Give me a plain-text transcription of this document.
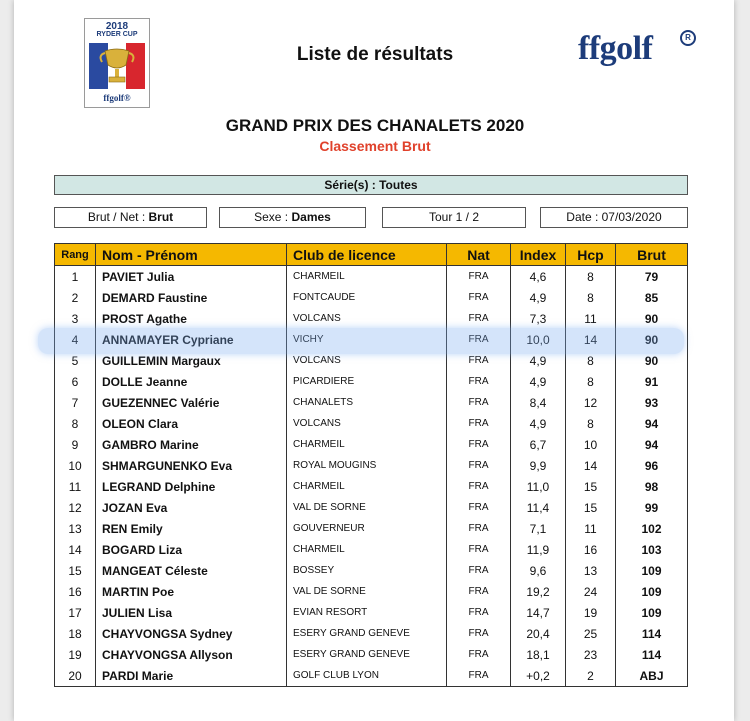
2018
RYDER CUP
ffgolf®
Liste de résultats	ffgolf	R
GRAND PRIX DES CHANALETS 2020
Classement Brut
Série(s) : Toutes
Brut / Net : Brut	Sexe : Dames	Tour 1 / 2	Date : 07/03/2020
Rang	Nom - Prénom	Club de licence	Nat	Index	Hcp	Brut
1	PAVIET Julia	CHARMEIL	FRA	4,6	8	79
2	DEMARD Faustine	FONTCAUDE	FRA	4,9	8	85
3	PROST Agathe	VOLCANS	FRA	7,3	11	90
4	ANNAMAYER Cypriane	VICHY	FRA	10,0	14	90
5	GUILLEMIN Margaux	VOLCANS	FRA	4,9	8	90
6	DOLLE Jeanne	PICARDIERE	FRA	4,9	8	91
7	GUEZENNEC Valérie	CHANALETS	FRA	8,4	12	93
8	OLEON Clara	VOLCANS	FRA	4,9	8	94
9	GAMBRO Marine	CHARMEIL	FRA	6,7	10	94
10	SHMARGUNENKO Eva	ROYAL MOUGINS	FRA	9,9	14	96
11	LEGRAND Delphine	CHARMEIL	FRA	11,0	15	98
12	JOZAN Eva	VAL DE SORNE	FRA	11,4	15	99
13	REN Emily	GOUVERNEUR	FRA	7,1	11	102
14	BOGARD Liza	CHARMEIL	FRA	11,9	16	103
15	MANGEAT Céleste	BOSSEY	FRA	9,6	13	109
16	MARTIN Poe	VAL DE SORNE	FRA	19,2	24	109
17	JULIEN Lisa	EVIAN RESORT	FRA	14,7	19	109
18	CHAYVONGSA Sydney	ESERY GRAND GENEVE	FRA	20,4	25	114
19	CHAYVONGSA Allyson	ESERY GRAND GENEVE	FRA	18,1	23	114
20	PARDI Marie	GOLF CLUB LYON	FRA	+0,2	2	ABJ
